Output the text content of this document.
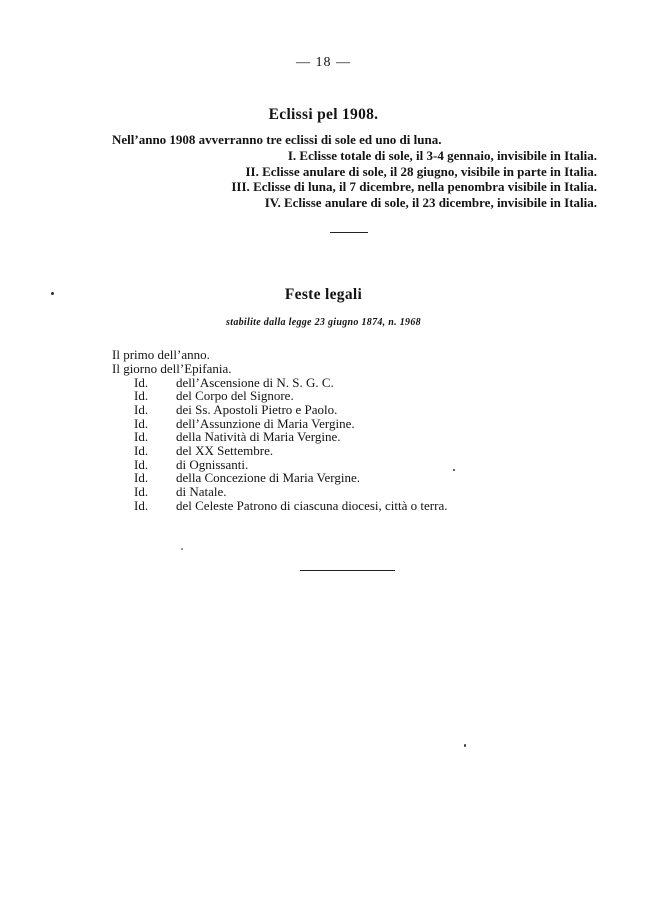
— 18 —
Eclissi pel 1908.
Nell’anno 1908 avverranno tre eclissi di sole ed uno di luna.
I. Eclisse totale di sole, il 3-4 gennaio, invisibile in Italia.
II. Eclisse anulare di sole, il 28 giugno, visibile in parte in Italia.
III. Eclisse di luna, il 7 dicembre, nella penombra visibile in Italia.
IV. Eclisse anulare di sole, il 23 dicembre, invisibile in Italia.
Feste legali
stabilite dalla legge 23 giugno 1874, n. 1968
Il primo dell’anno.
Il giorno dell’Epifania.
Id. dell’Ascensione di N. S. G. C.
Id. del Corpo del Signore.
Id. dei Ss. Apostoli Pietro e Paolo.
Id. dell’Assunzione di Maria Vergine.
Id. della Natività di Maria Vergine.
Id. del XX Settembre.
Id. di Ognissanti.
Id. della Concezione di Maria Vergine.
Id. di Natale.
Id. del Celeste Patrono di ciascuna diocesi, città o terra.
